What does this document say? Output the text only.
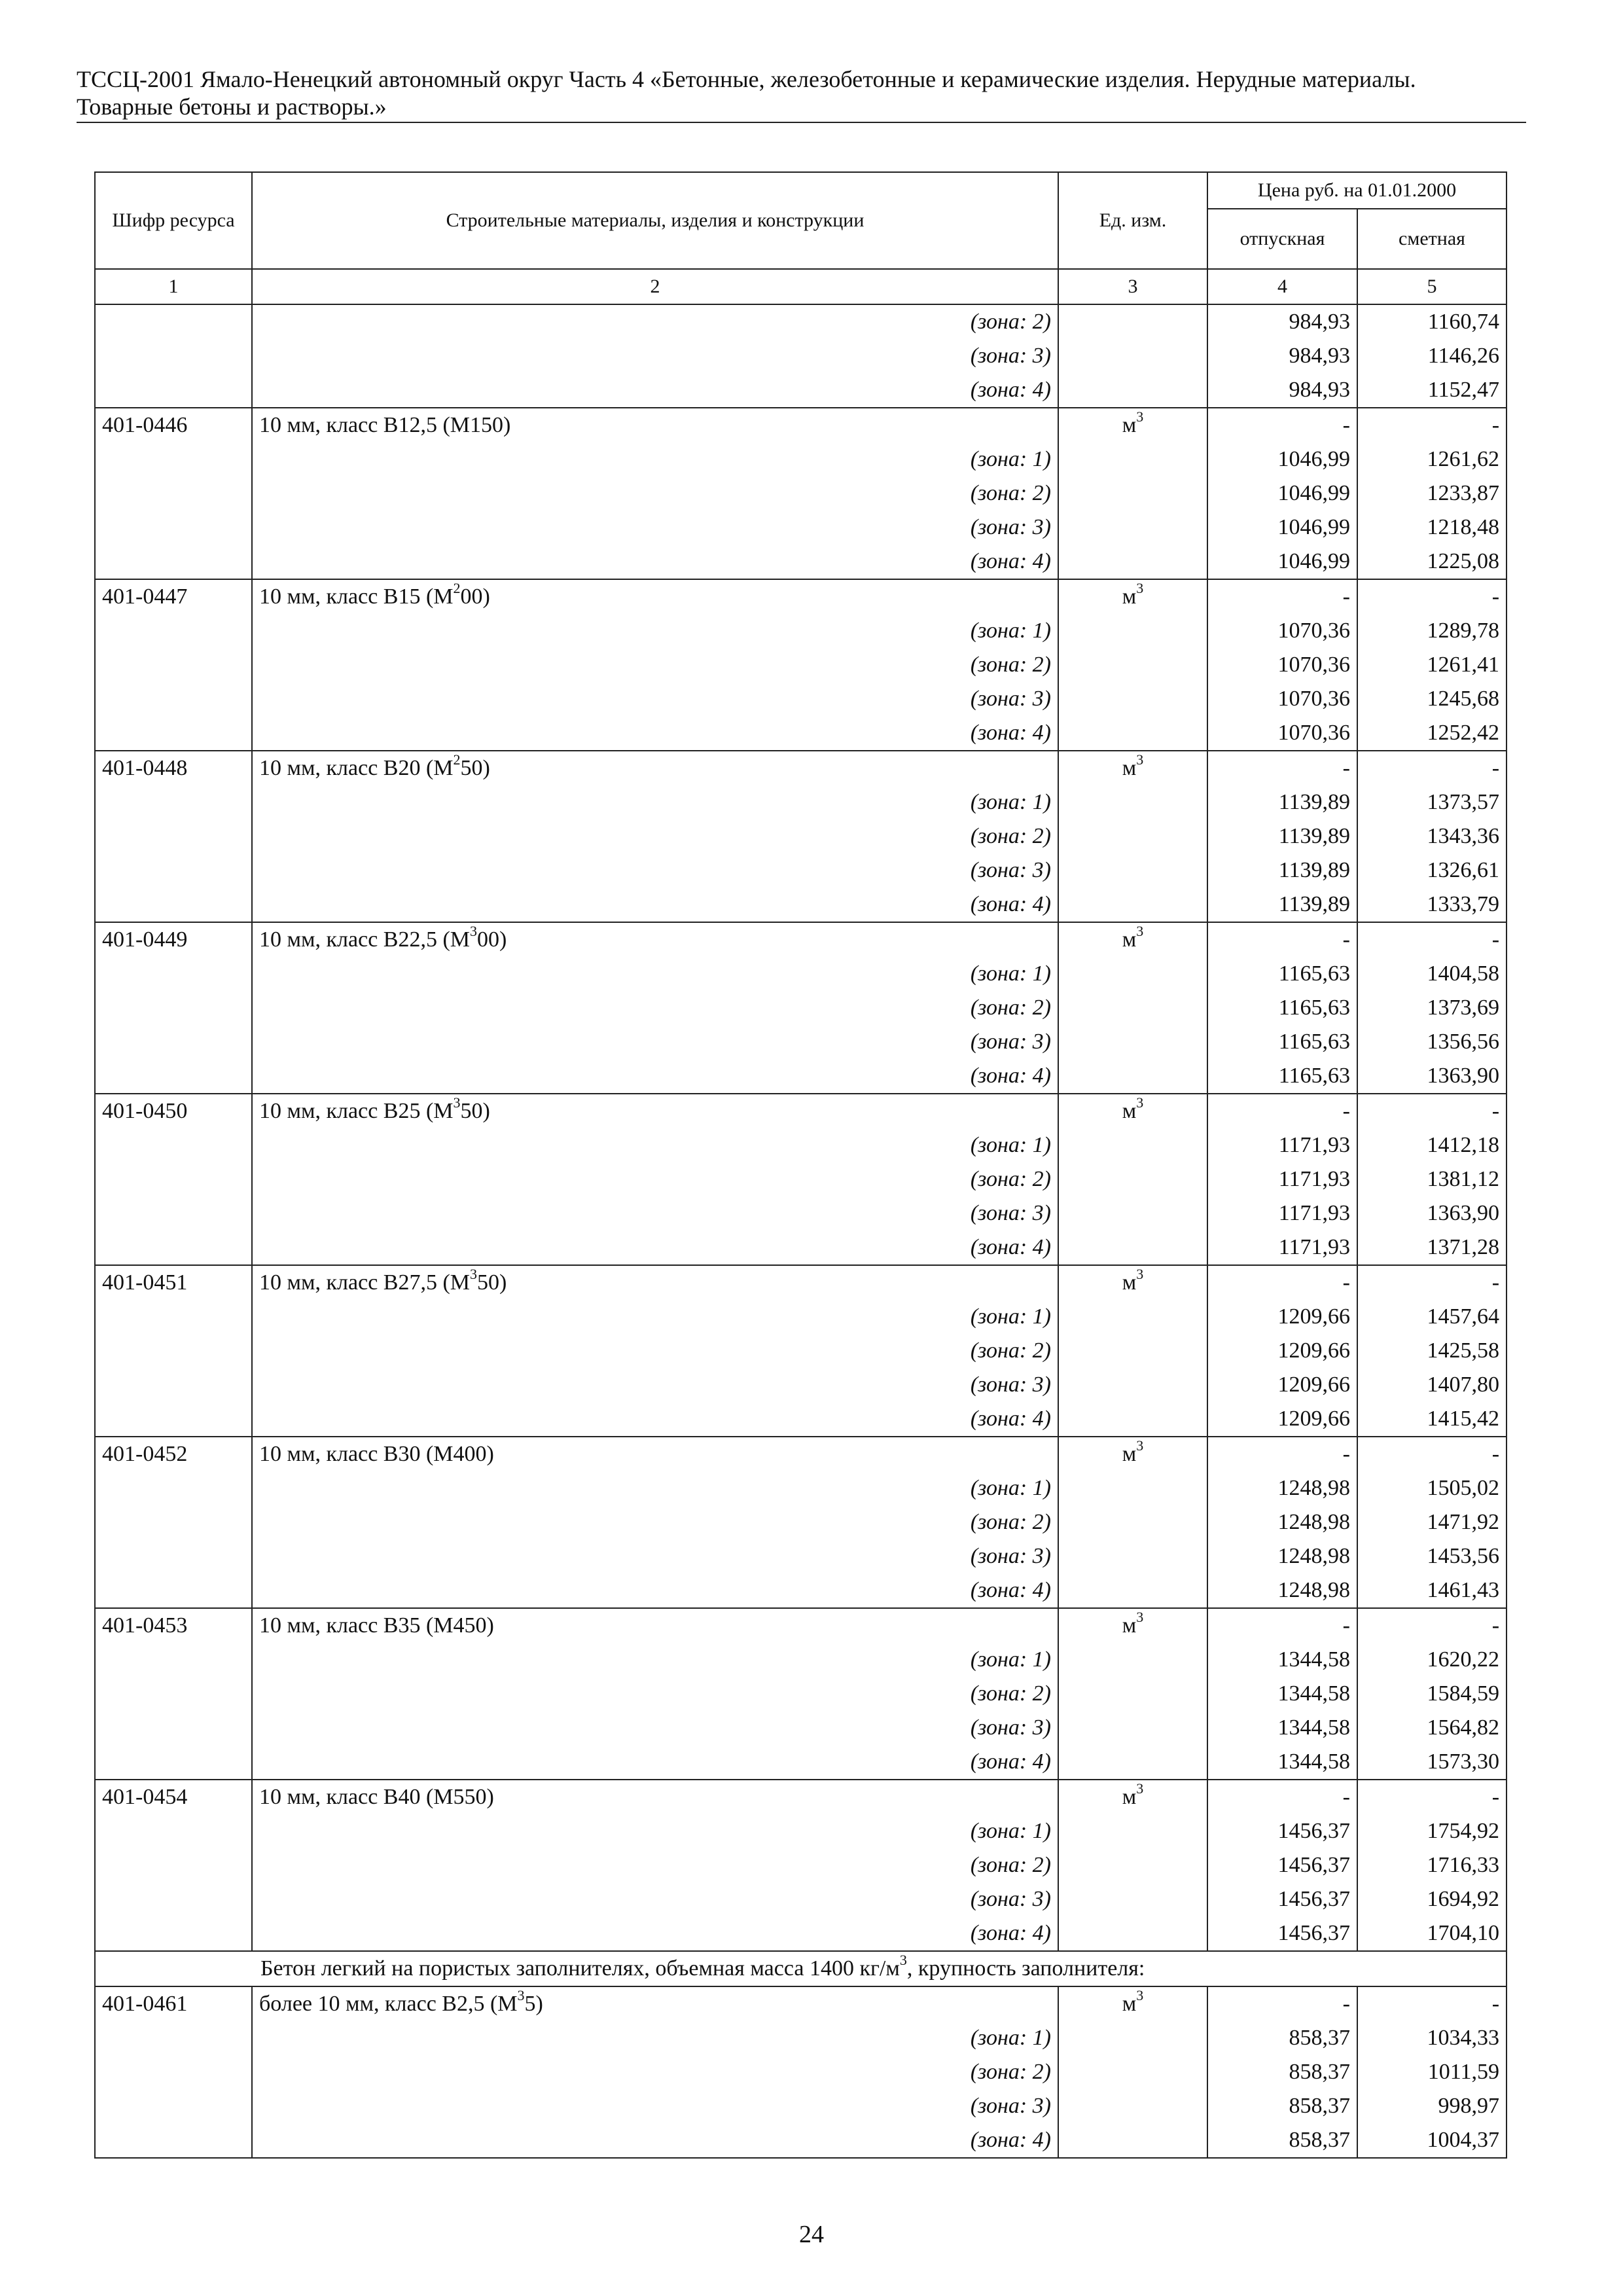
ТССЦ-2001 Ямало-Ненецкий автономный округ Часть 4 «Бетонные, железобетонные и керамические изделия. Нерудные материалы.
Товарные бетоны и растворы.»
Шифр ресурса	Строительные материалы, изделия и конструкции	Ед. изм.	Цена руб. на 01.01.2000	
			отпускная	сметная
1	2	3	4	5
	(зона: 2)		984,93	1160,74
	(зона: 3)		984,93	1146,26
	(зона: 4)		984,93	1152,47
401-0446	10 мм, класс В12,5 (М150)	$м^3$	-	-
	(зона: 1)		1046,99	1261,62
	(зона: 2)		1046,99	1233,87
	(зона: 3)		1046,99	1218,48
	(зона: 4)		1046,99	1225,08
401-0447	10 мм, класс В15 $(М^200)$	$м^3$	-	-
	(зона: 1)		1070,36	1289,78
	(зона: 2)		1070,36	1261,41
	(зона: 3)		1070,36	1245,68
	(зона: 4)		1070,36	1252,42
401-0448	10 мм, класс В20 $(М^250)$	$м^3$	-	-
	(зона: 1)		1139,89	1373,57
	(зона: 2)		1139,89	1343,36
	(зона: 3)		1139,89	1326,61
	(зона: 4)		1139,89	1333,79
401-0449	10 мм, класс В22,5 $(М^300)$	$м^3$	-	-
	(зона: 1)		1165,63	1404,58
	(зона: 2)		1165,63	1373,69
	(зона: 3)		1165,63	1356,56
	(зона: 4)		1165,63	1363,90
401-0450	10 мм, класс В25 $(М^350)$	$м^3$	-	-
	(зона: 1)		1171,93	1412,18
	(зона: 2)		1171,93	1381,12
	(зона: 3)		1171,93	1363,90
	(зона: 4)		1171,93	1371,28
401-0451	10 мм, класс В27,5 $(М^350)$	$м^3$	-	-
	(зона: 1)		1209,66	1457,64
	(зона: 2)		1209,66	1425,58
	(зона: 3)		1209,66	1407,80
	(зона: 4)		1209,66	1415,42
401-0452	10 мм, класс В30 (М400)	$м^3$	-	-
	(зона: 1)		1248,98	1505,02
	(зона: 2)		1248,98	1471,92
	(зона: 3)		1248,98	1453,56
	(зона: 4)		1248,98	1461,43
401-0453	10 мм, класс В35 (М450)	$м^3$	-	-
	(зона: 1)		1344,58	1620,22
	(зона: 2)		1344,58	1584,59
	(зона: 3)		1344,58	1564,82
	(зона: 4)		1344,58	1573,30
401-0454	10 мм, класс В40 (М550)	$м^3$	-	-
	(зона: 1)		1456,37	1754,92
	(зона: 2)		1456,37	1716,33
	(зона: 3)		1456,37	1694,92
	(зона: 4)		1456,37	1704,10
Бетон легкий на пористых заполнителях, объемная масса 1400 $кг/м^3$, крупность заполнителя:				
401-0461	более 10 мм, класс В2,5 $(М^35)$	$м^3$	-	-
	(зона: 1)		858,37	1034,33
	(зона: 2)		858,37	1011,59
	(зона: 3)		858,37	998,97
	(зона: 4)		858,37	1004,37
24
